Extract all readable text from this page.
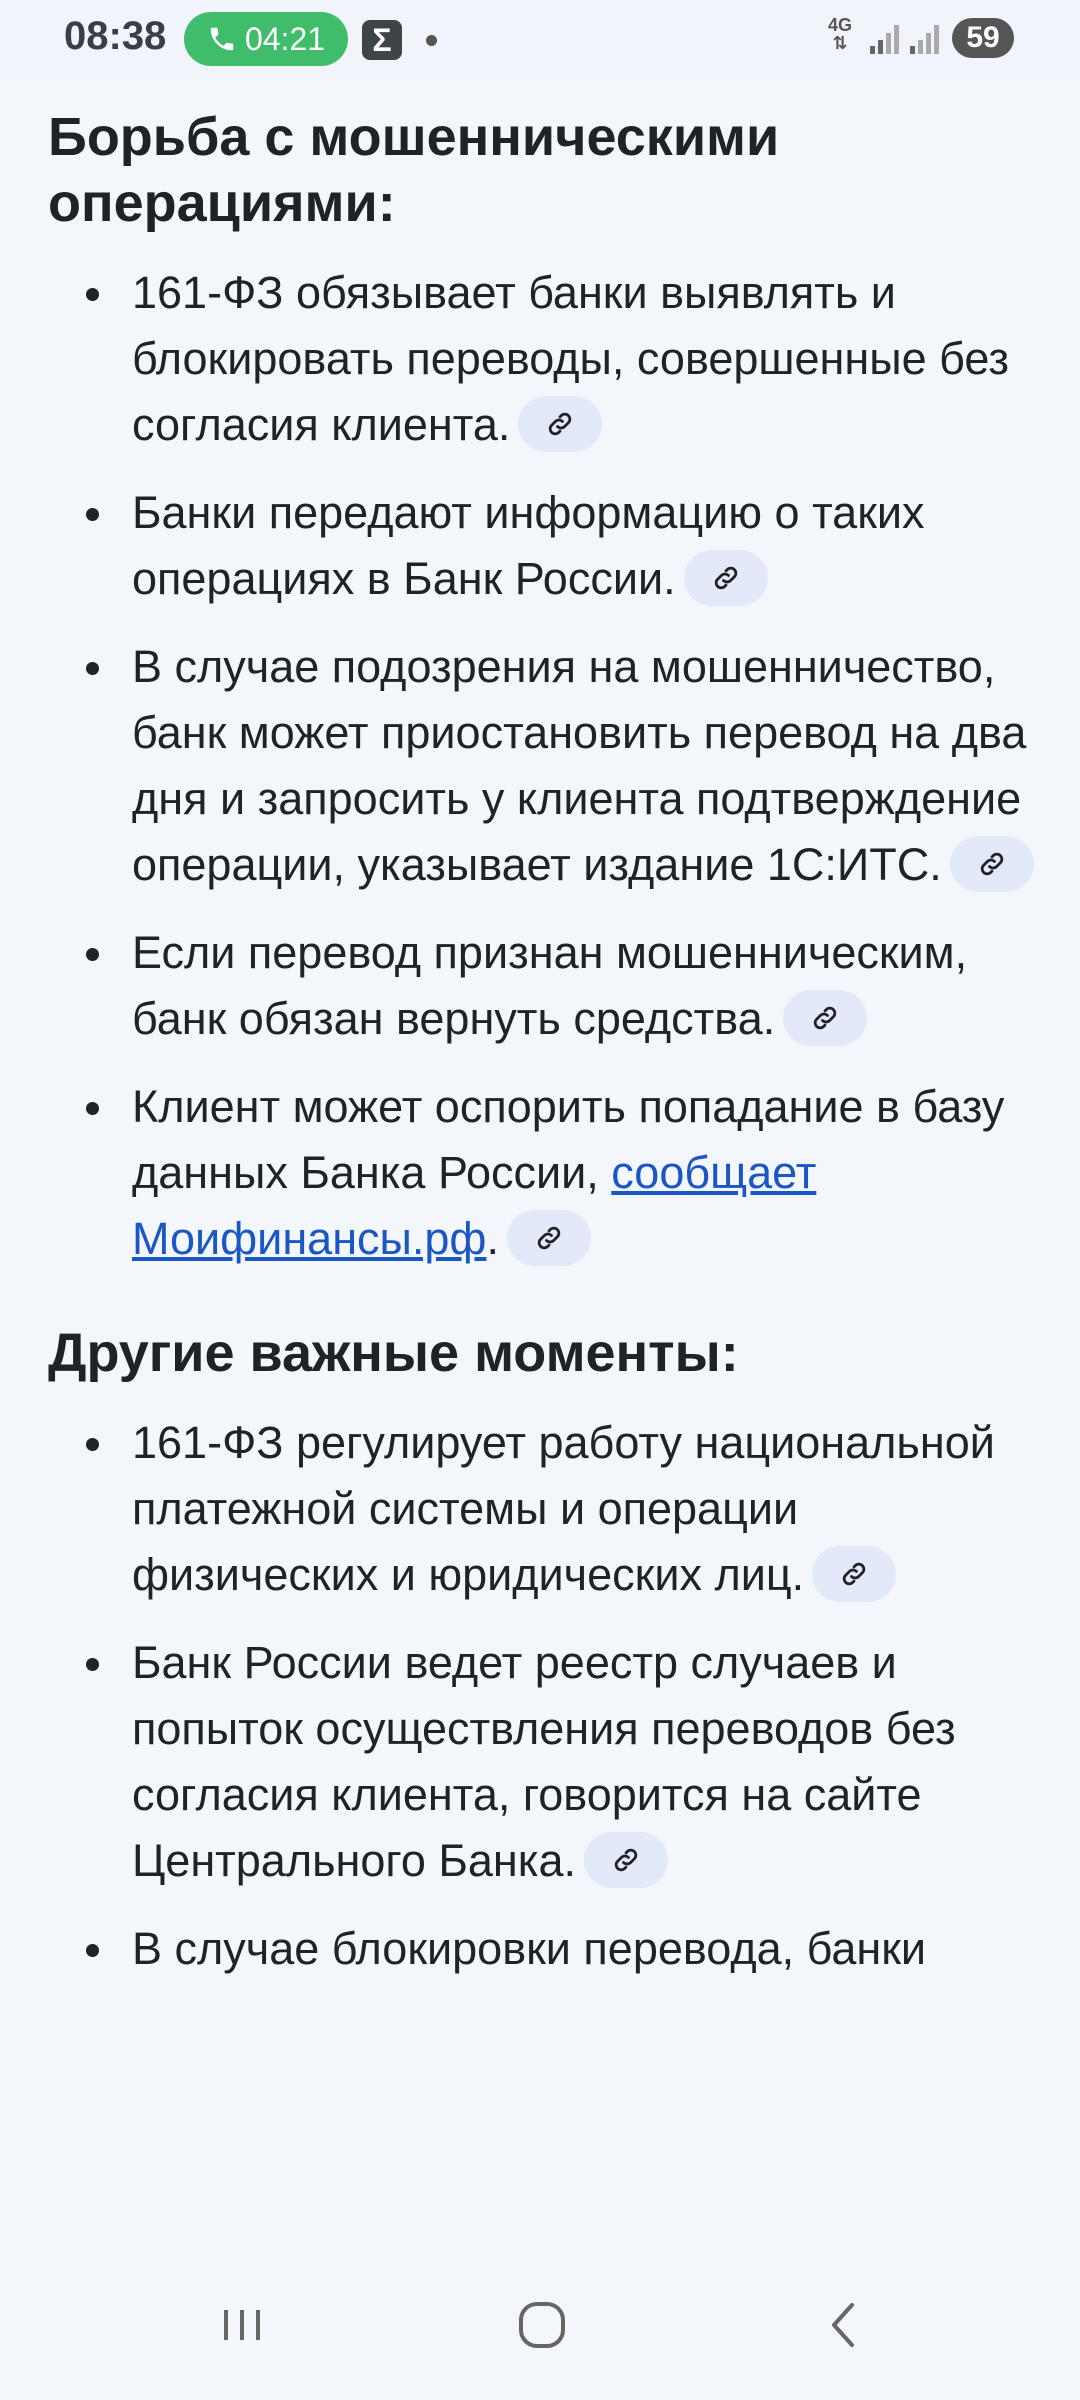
08:38 04:21	Σ	4G
⇅	59
Борьба с мошенническими операциями:
161-ФЗ обязывает банки выявлять и блокировать переводы, совершенные без согласия клиента.
Банки передают информацию о таких операциях в Банк России.
В случае подозрения на мошенничество, банк может приостановить перевод на два дня и запросить у клиента подтверждение операции, указывает издание 1С:ИТС.
Если перевод признан мошенническим, банк обязан вернуть средства.
Клиент может оспорить попадание в базу данных Банка России, сообщает Моифинансы.рф.
Другие важные моменты:
161-ФЗ регулирует работу национальной платежной системы и операции физических и юридических лиц.
Банк России ведет реестр случаев и попыток осуществления переводов без согласия клиента, говорится на сайте Центрального Банка.
В случае блокировки перевода, банки
